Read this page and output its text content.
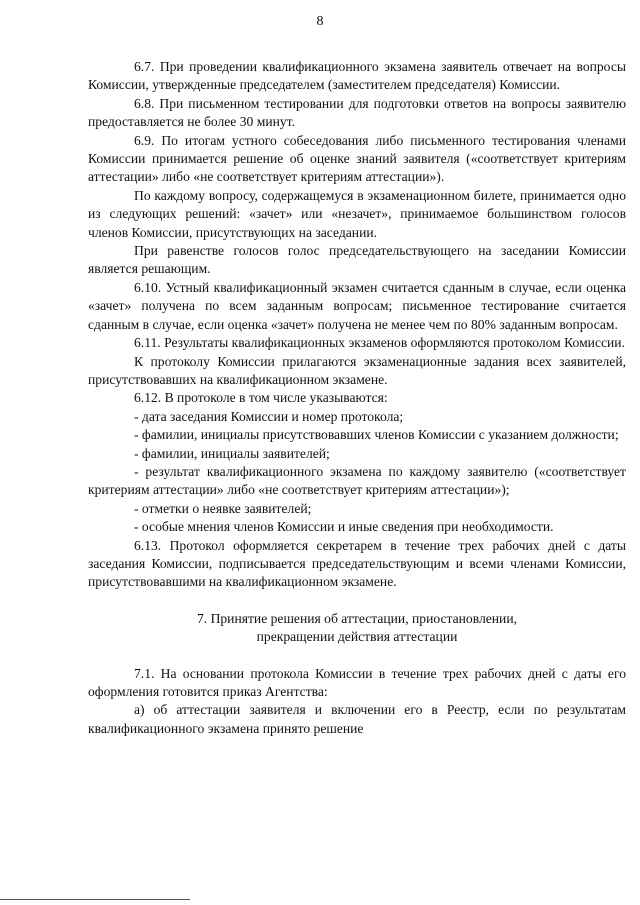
8

6.7. При проведении квалификационного экзамена заявитель отвечает на вопросы Комиссии, утвержденные председателем (заместителем председателя) Комиссии.

6.8. При письменном тестировании для подготовки ответов на вопросы заявителю предоставляется не более 30 минут.

6.9. По итогам устного собеседования либо письменного тестирования членами Комиссии принимается решение об оценке знаний заявителя («соответствует критериям аттестации» либо «не соответствует критериям аттестации»).

По каждому вопросу, содержащемуся в экзаменационном билете, принимается одно из следующих решений: «зачет» или «незачет», принимаемое большинством голосов членов Комиссии, присутствующих на заседании.

При равенстве голосов голос председательствующего на заседании Комиссии является решающим.

6.10. Устный квалификационный экзамен считается сданным в случае, если оценка «зачет» получена по всем заданным вопросам; письменное тестирование считается сданным в случае, если оценка «зачет» получена не менее чем по 80% заданным вопросам.

6.11. Результаты квалификационных экзаменов оформляются протоколом Комиссии.

К протоколу Комиссии прилагаются экзаменационные задания всех заявителей, присутствовавших на квалификационном экзамене.

6.12. В протоколе в том числе указываются:

- дата заседания Комиссии и номер протокола;

- фамилии, инициалы присутствовавших членов Комиссии с указанием должности;

- фамилии, инициалы заявителей;

- результат квалификационного экзамена по каждому заявителю («соответствует критериям аттестации» либо «не соответствует критериям аттестации»);

- отметки о неявке заявителей;

- особые мнения членов Комиссии и иные сведения при необходимости.

6.13. Протокол оформляется секретарем в течение трех рабочих дней с даты заседания Комиссии, подписывается председательствующим и всеми членами Комиссии, присутствовавшими на квалификационном экзамене.

7. Принятие решения об аттестации, приостановлении,
прекращении действия аттестации

7.1. На основании протокола Комиссии в течение трех рабочих дней с даты его оформления готовится приказ Агентства:

а) об аттестации заявителя и включении его в Реестр, если по результатам квалификационного экзамена принято решение
